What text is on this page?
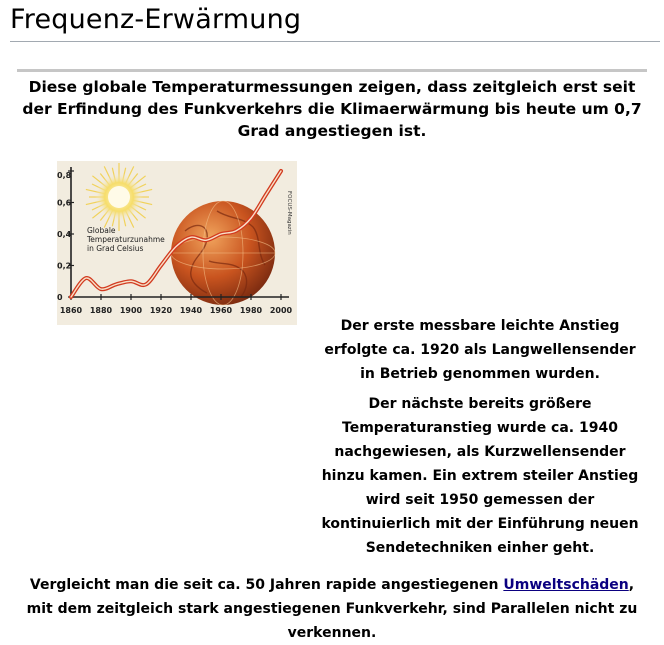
Frequenz-Erwärmung
Diese globale Temperaturmessungen zeigen, dass zeitgleich erst seit der Erfindung des Funkverkehrs die Klimaerwärmung bis heute um 0,7 Grad angestiegen ist.
0,8
0,6
0,4
0,2
0
1860 1880 1900 1920 1940 1960 1980 2000
Globale
Temperaturzunahme
in Grad Celsius
FOCUS-Magazin
Der erste messbare leichte Anstieg erfolgte ca. 1920 als Langwellensender in Betrieb genommen wurden.
Der nächste bereits größere Temperaturanstieg wurde ca. 1940 nachgewiesen, als Kurzwellensender hinzu kamen. Ein extrem steiler Anstieg wird seit 1950 gemessen der kontinuierlich mit der Einführung neuen Sendetechniken einher geht.
Vergleicht man die seit ca. 50 Jahren rapide angestiegenen Umweltschäden, mit dem zeitgleich stark angestiegenen Funkverkehr, sind Parallelen nicht zu verkennen.
